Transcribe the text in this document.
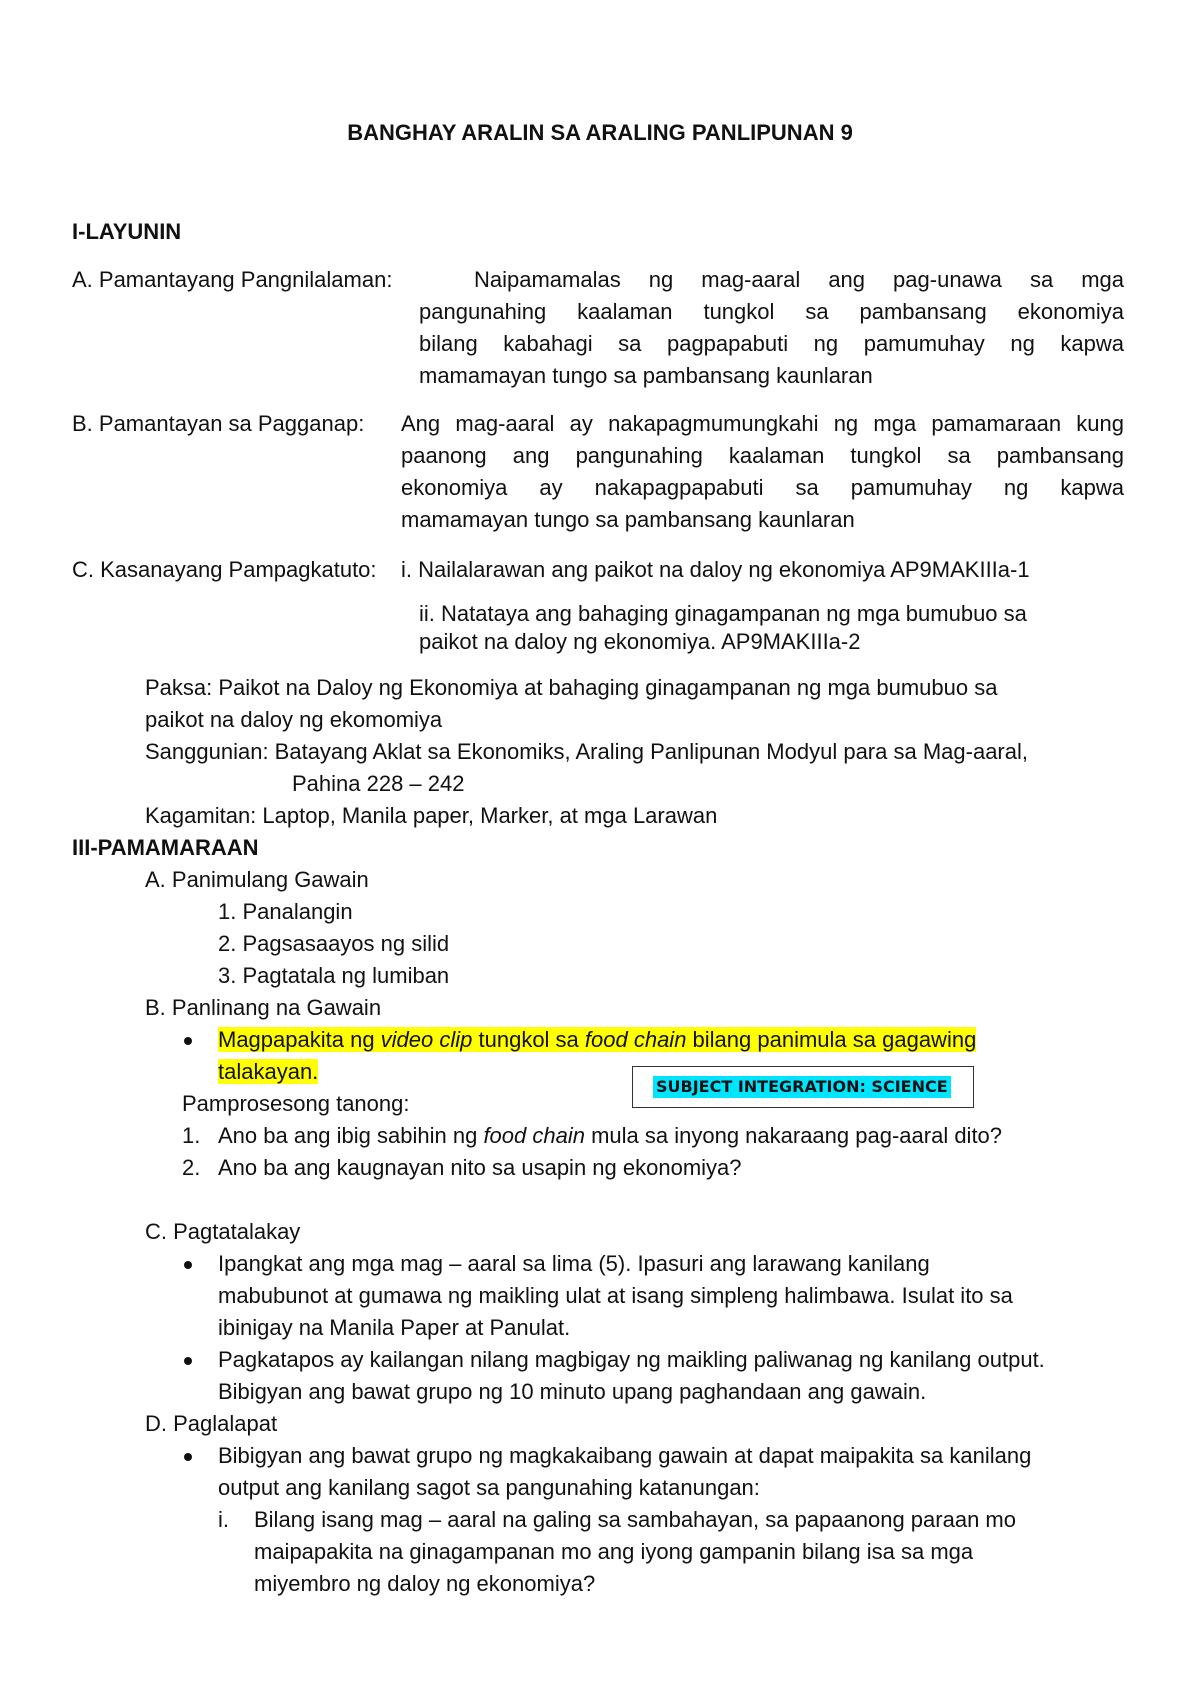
BANGHAY ARALIN SA ARALING PANLIPUNAN 9
I-LAYUNIN
A. Pamantayang Pangnilalaman:	Naipamamalas ng mag-aaral ang pag-unawa sa mga
pangunahing kaalaman tungkol sa pambansang ekonomiya
bilang kabahagi sa pagpapabuti ng pamumuhay ng kapwa
mamamayan tungo sa pambansang kaunlaran
B. Pamantayan sa Pagganap: Ang mag-aaral ay nakapagmumungkahi ng mga pamamaraan kung
paanong ang pangunahing kaalaman tungkol sa pambansang
ekonomiya ay nakapagpapabuti sa pamumuhay ng kapwa
mamamayan tungo sa pambansang kaunlaran
C. Kasanayang Pampagkatuto: i. Nailalarawan ang paikot na daloy ng ekonomiya AP9MAKIIIa-1
ii. Natataya ang bahaging ginagampanan ng mga bumubuo sa
paikot na daloy ng ekonomiya. AP9MAKIIIa-2
Paksa: Paikot na Daloy ng Ekonomiya at bahaging ginagampanan ng mga bumubuo sa
paikot na daloy ng ekomomiya
Sanggunian: Batayang Aklat sa Ekonomiks, Araling Panlipunan Modyul para sa Mag-aaral,
Pahina 228 – 242
Kagamitan: Laptop, Manila paper, Marker, at mga Larawan
III-PAMAMARAAN
A. Panimulang Gawain
1. Panalangin
2. Pagsasaayos ng silid
3. Pagtatala ng lumiban
B. Panlinang na Gawain
Magpapakita ng video clip tungkol sa food chain bilang panimula sa gagawing
talakayan.
SUBJECT INTEGRATION: SCIENCE
Pamprosesong tanong:
1. Ano ba ang ibig sabihin ng food chain mula sa inyong nakaraang pag-aaral dito?
2. Ano ba ang kaugnayan nito sa usapin ng ekonomiya?
C. Pagtatalakay
Ipangkat ang mga mag – aaral sa lima (5). Ipasuri ang larawang kanilang
mabubunot at gumawa ng maikling ulat at isang simpleng halimbawa. Isulat ito sa
ibinigay na Manila Paper at Panulat.
Pagkatapos ay kailangan nilang magbigay ng maikling paliwanag ng kanilang output.
Bibigyan ang bawat grupo ng 10 minuto upang paghandaan ang gawain.
D. Paglalapat
Bibigyan ang bawat grupo ng magkakaibang gawain at dapat maipakita sa kanilang
output ang kanilang sagot sa pangunahing katanungan:
i. Bilang isang mag – aaral na galing sa sambahayan, sa papaanong paraan mo
maipapakita na ginagampanan mo ang iyong gampanin bilang isa sa mga
miyembro ng daloy ng ekonomiya?
